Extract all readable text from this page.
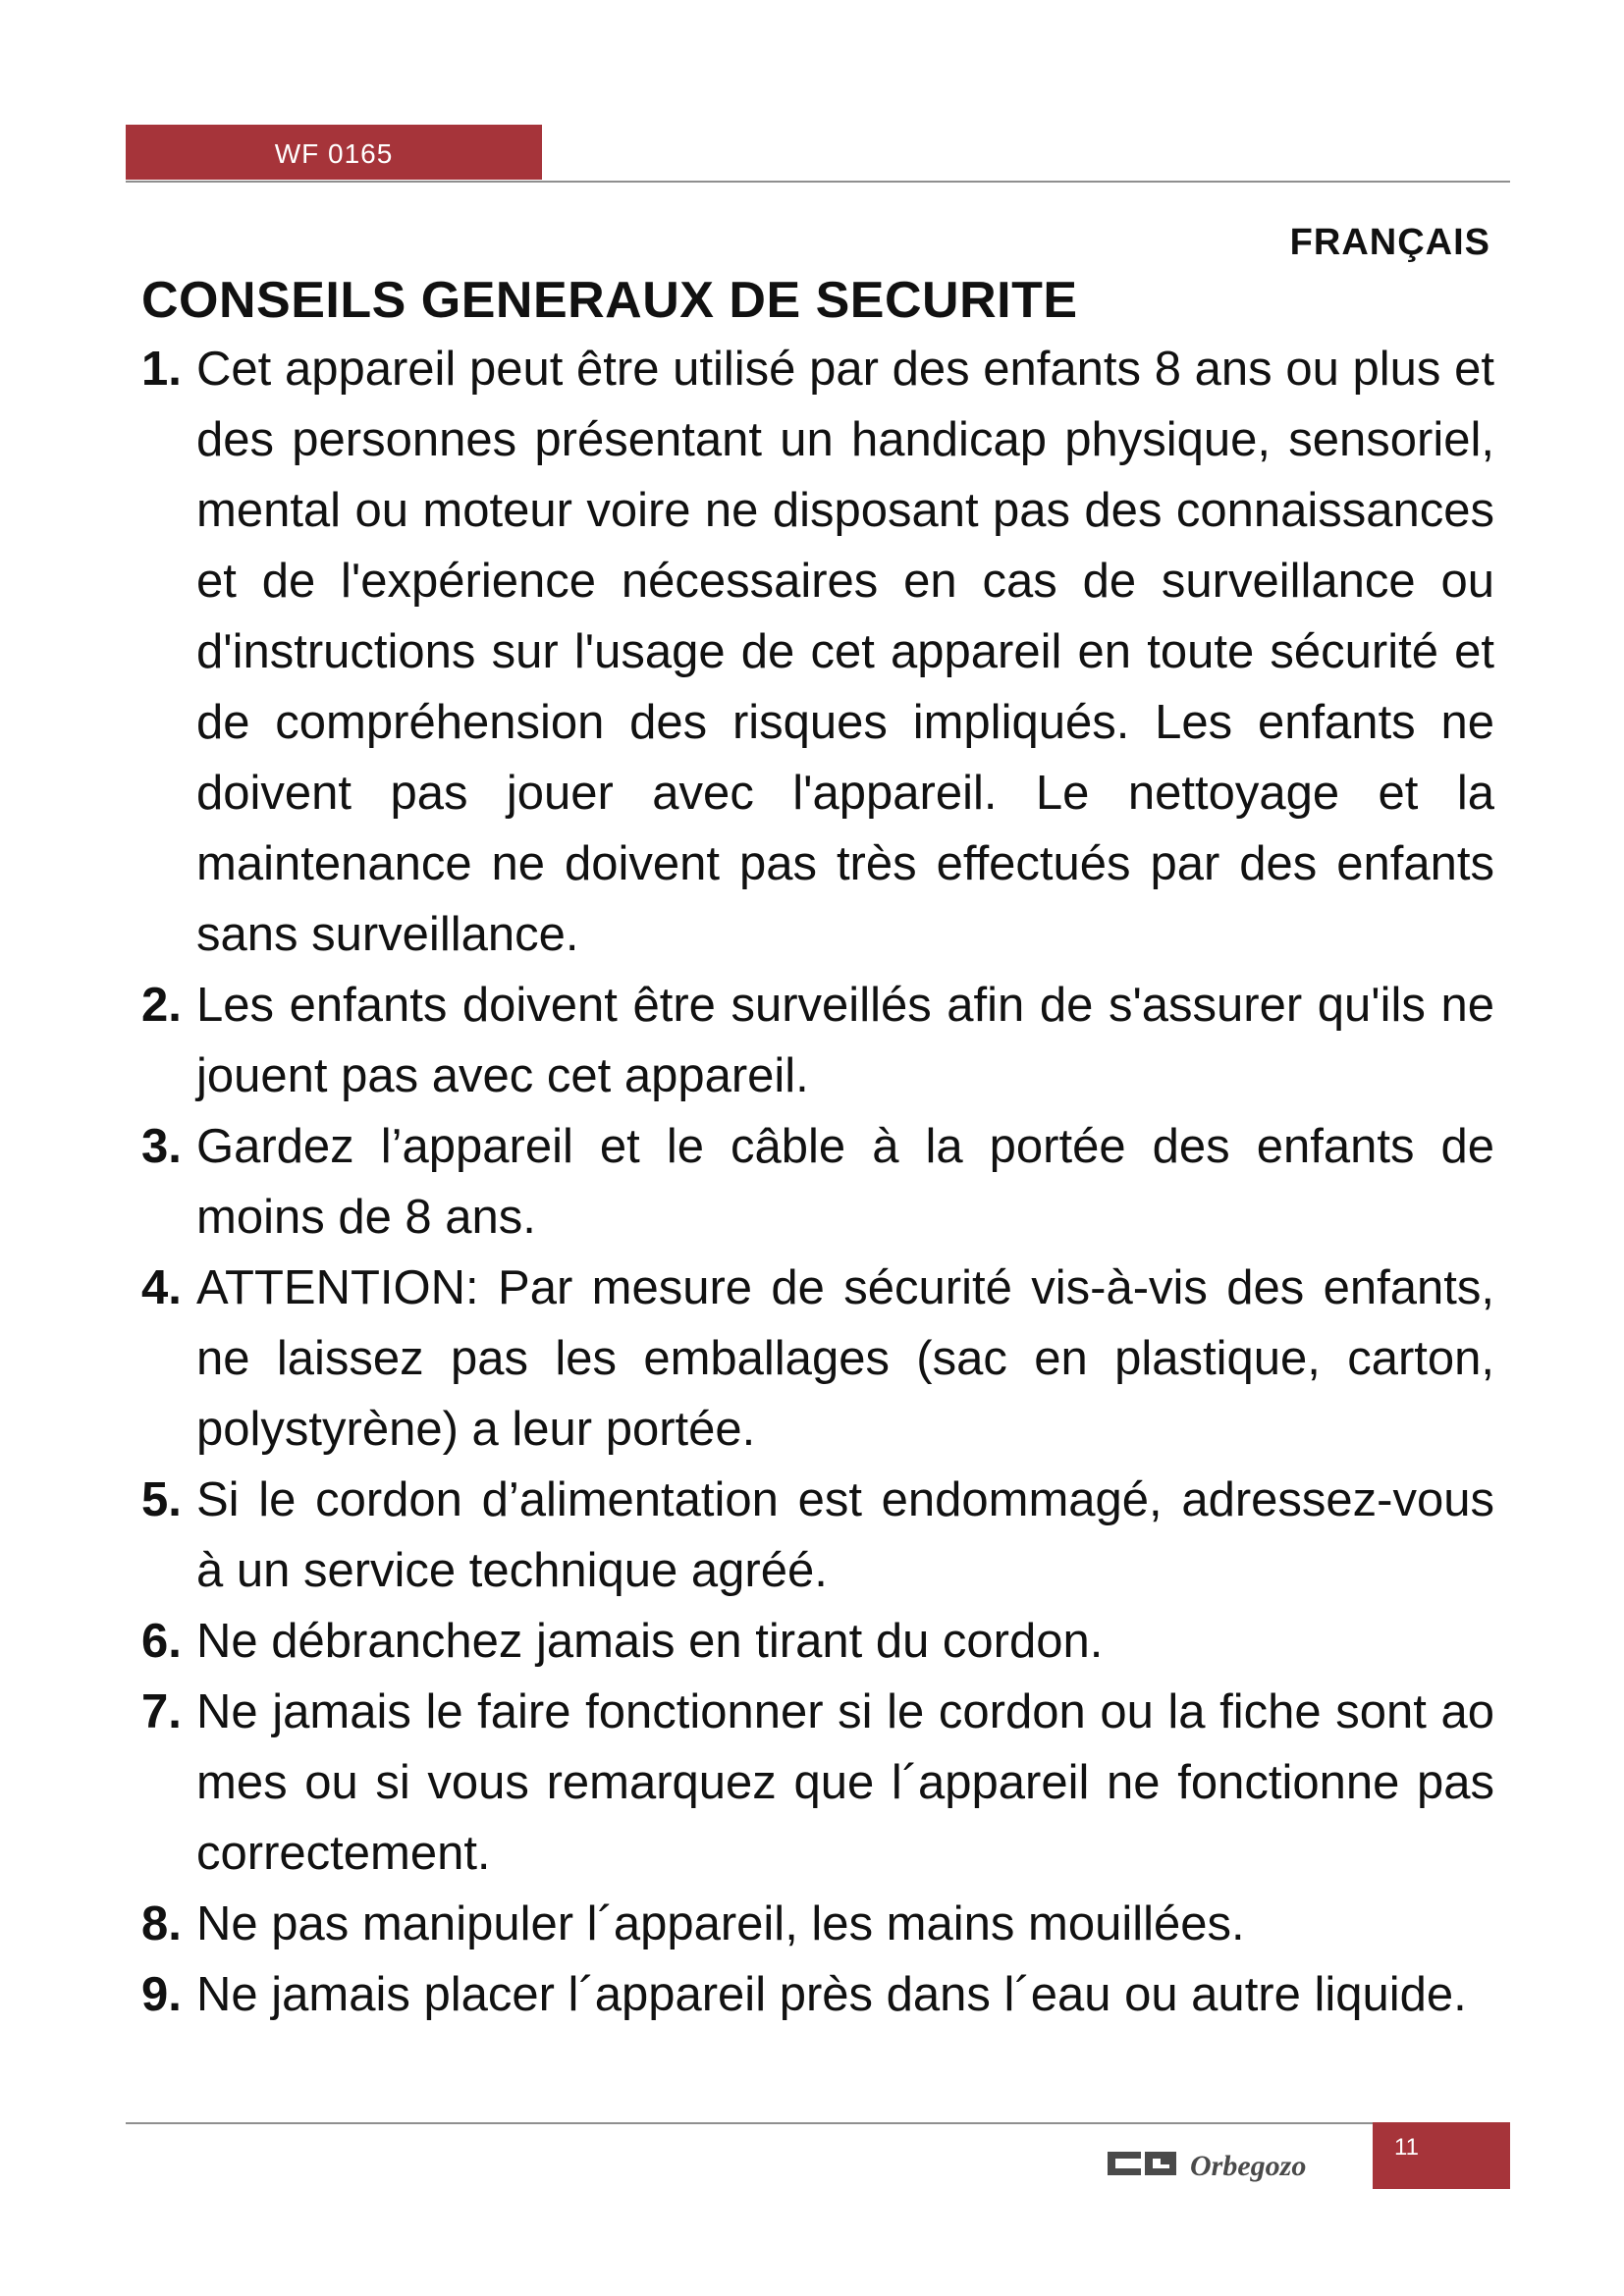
WF 0165
FRANÇAIS
CONSEILS GENERAUX DE SECURITE
1. Cet appareil peut être utilisé par des enfants 8 ans ou plus et des personnes présentant un handicap physique, sensoriel, mental ou moteur voire ne disposant pas des connaissances et de l'expérience nécessaires en cas de surveillance ou d'instructions sur l'usage de cet appareil en toute sécurité et de compréhension des risques impliqués. Les enfants ne doivent pas jouer avec l'appareil. Le nettoyage et la maintenance ne doivent pas très effectués par des enfants sans surveillance.
2. Les enfants doivent être surveillés afin de s'assurer qu'ils ne jouent pas avec cet appareil.
3. Gardez l’appareil et le câble à la portée des enfants de moins de 8 ans.
4. ATTENTION: Par mesure de sécurité vis-à-vis des enfants, ne laissez pas les emballages (sac en plastique, carton, polystyrène) a leur portée.
5. Si le cordon d’alimentation est endommagé, adressez-vous à un service technique agréé.
6. Ne débranchez jamais en tirant du cordon.
7. Ne jamais le faire fonctionner si le cordon ou la fiche sont ao mes ou si vous remarquez que l´appareil ne fonctionne pas correctement.
8. Ne pas manipuler l´appareil, les mains mouillées.
9. Ne jamais placer l´appareil près dans l´eau ou autre liquide.
Orbegozo
11
